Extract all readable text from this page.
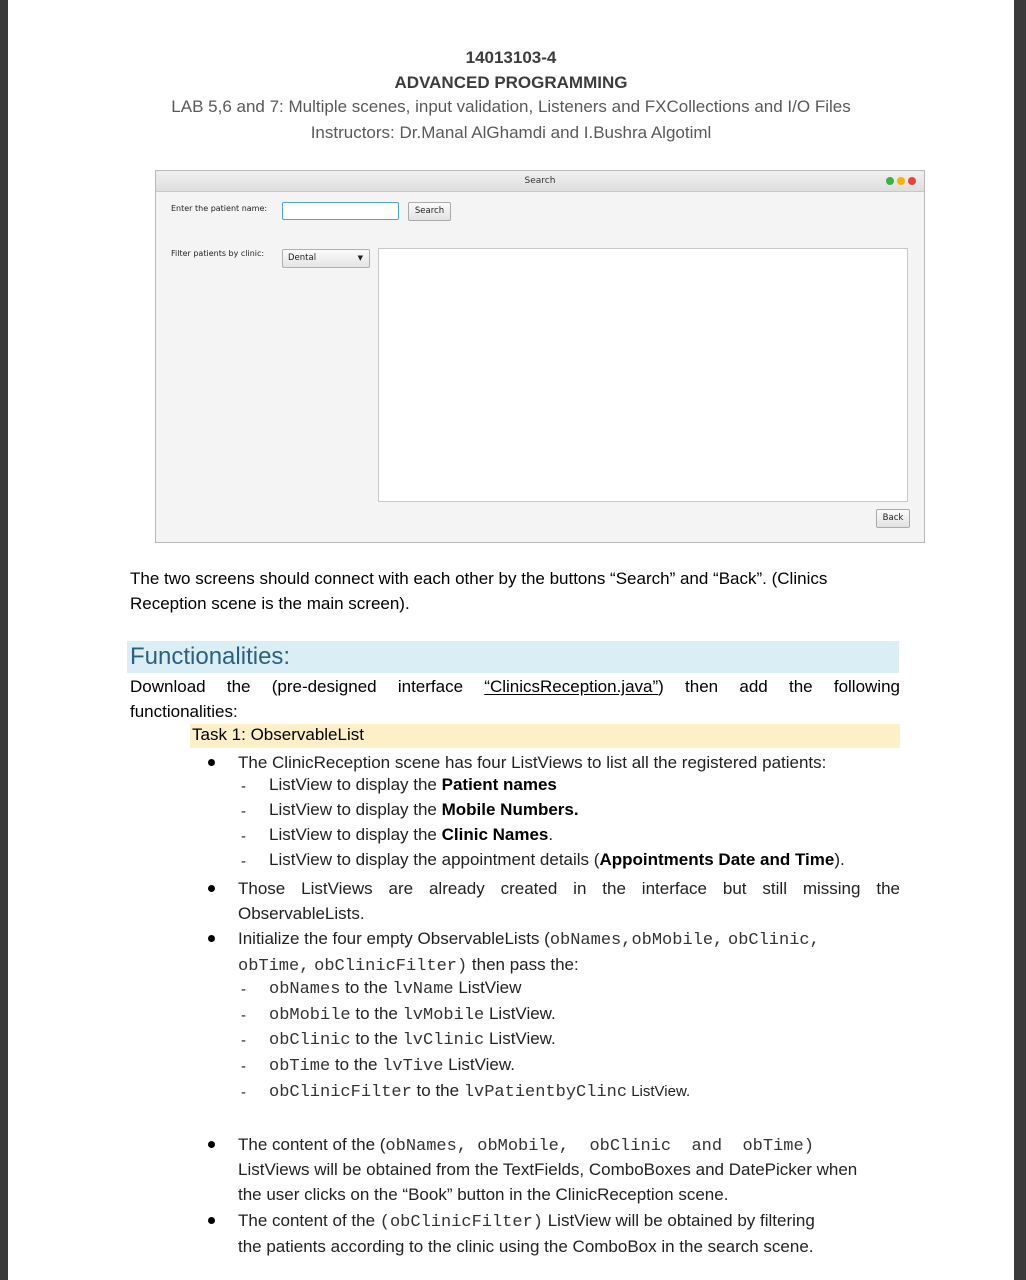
14013103-4
ADVANCED PROGRAMMING
LAB 5,6 and 7: Multiple scenes, input validation, Listeners and FXCollections and I/O Files
Instructors: Dr.Manal AlGhamdi and I.Bushra Algotiml
Search
Enter the patient name:	Search
Filter patients by clinic:	Dental	▼
Back
The two screens should connect with each other by the buttons “Search” and “Back”. (Clinics
Reception scene is the main screen).
Functionalities:
Download the (pre-designed interface “ClinicsReception.java”) then add the following
functionalities:
Task 1: ObservableList
The ClinicReception scene has four ListViews to list all the registered patients:
- ListView to display the Patient names
- ListView to display the Mobile Numbers.
- ListView to display the Clinic Names.
- ListView to display the appointment details (Appointments Date and Time).
Those ListViews are already created in the interface but still missing the
ObservableLists.
Initialize the four empty ObservableLists (obNames,obMobile, obClinic,
obTime, obClinicFilter) then pass the:
- obNames to the lvName ListView
- obMobile to the lvMobile ListView.
- obClinic to the lvClinic ListView.
- obTime to the lvTive ListView.
- obClinicFilter to the lvPatientbyClinc ListView.
The content of the (obNames, obMobile,  obClinic  and  obTime)
ListViews will be obtained from the TextFields, ComboBoxes and DatePicker when
the user clicks on the “Book” button in the ClinicReception scene.
The content of the (obClinicFilter) ListView will be obtained by filtering
the patients according to the clinic using the ComboBox in the search scene.
